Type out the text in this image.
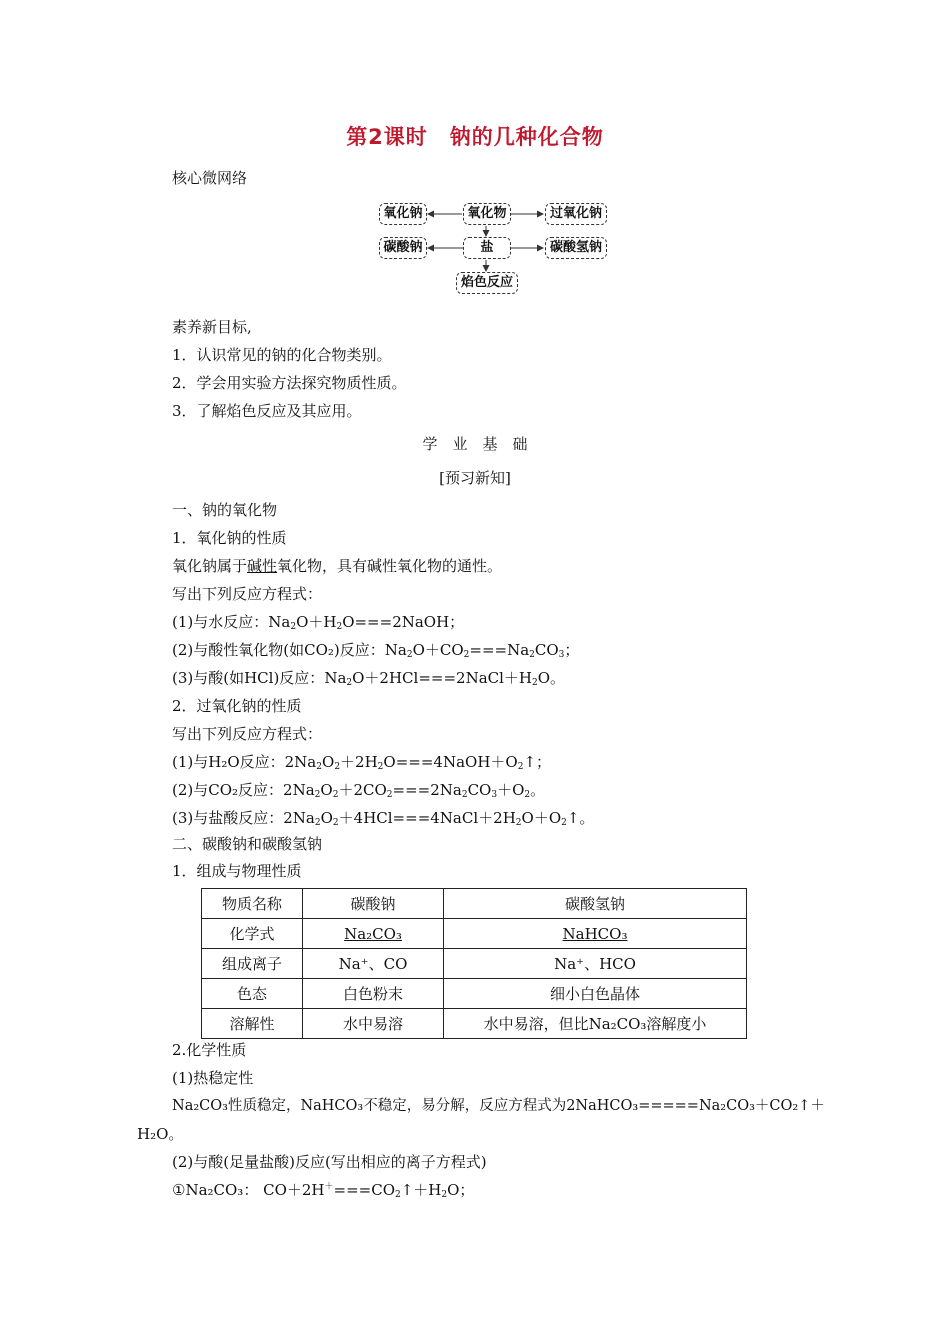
第2课时　钠的几种化合物
核心微网络
氧化钠	氧化物	过氧化钠
碳酸钠	盐	碳酸氢钠
焰色反应
素养新目标,
1．认识常见的钠的化合物类别。
2．学会用实验方法探究物质性质。
3．了解焰色反应及其应用。
学　业　基　础
[预习新知]
一、钠的氧化物
1．氧化钠的性质
氧化钠属于碱性氧化物，具有碱性氧化物的通性。
写出下列反应方程式：
(1)与水反应：$Na_2O+H_2O===2NaOH$；
(2)与酸性氧化物(如CO₂)反应：$Na_2O+CO_2===Na_2CO_3$；
(3)与酸(如HCl)反应：$Na_2O+2HCl===2NaCl+H_2O$。
2．过氧化钠的性质
写出下列反应方程式：
(1)与H₂O反应：$2Na_2O_2+2H_2O===4NaOH+O_2↑$；
(2)与CO₂反应：$2Na_2O_2+2CO_2===2Na_2CO_3+O_2$。
(3)与盐酸反应：$2Na_2O_2+4HCl===4NaCl+2H_2O+O_2↑$。
二、碳酸钠和碳酸氢钠
1．组成与物理性质
物质名称	碳酸钠	碳酸氢钠
化学式	Na₂CO₃	NaHCO₃
组成离子	Na⁺、CO	Na⁺、HCO
色态	白色粉末	细小白色晶体
溶解性	水中易溶	水中易溶，但比Na₂CO₃溶解度小
2.化学性质
(1)热稳定性
Na₂CO₃性质稳定，NaHCO₃不稳定，易分解，反应方程式为2NaHCO₃=====Na₂CO₃＋CO₂↑＋
H₂O。
(2)与酸(足量盐酸)反应(写出相应的离子方程式)
①Na₂CO₃： $CO+2H^+===CO_2↑+H_2O$；
